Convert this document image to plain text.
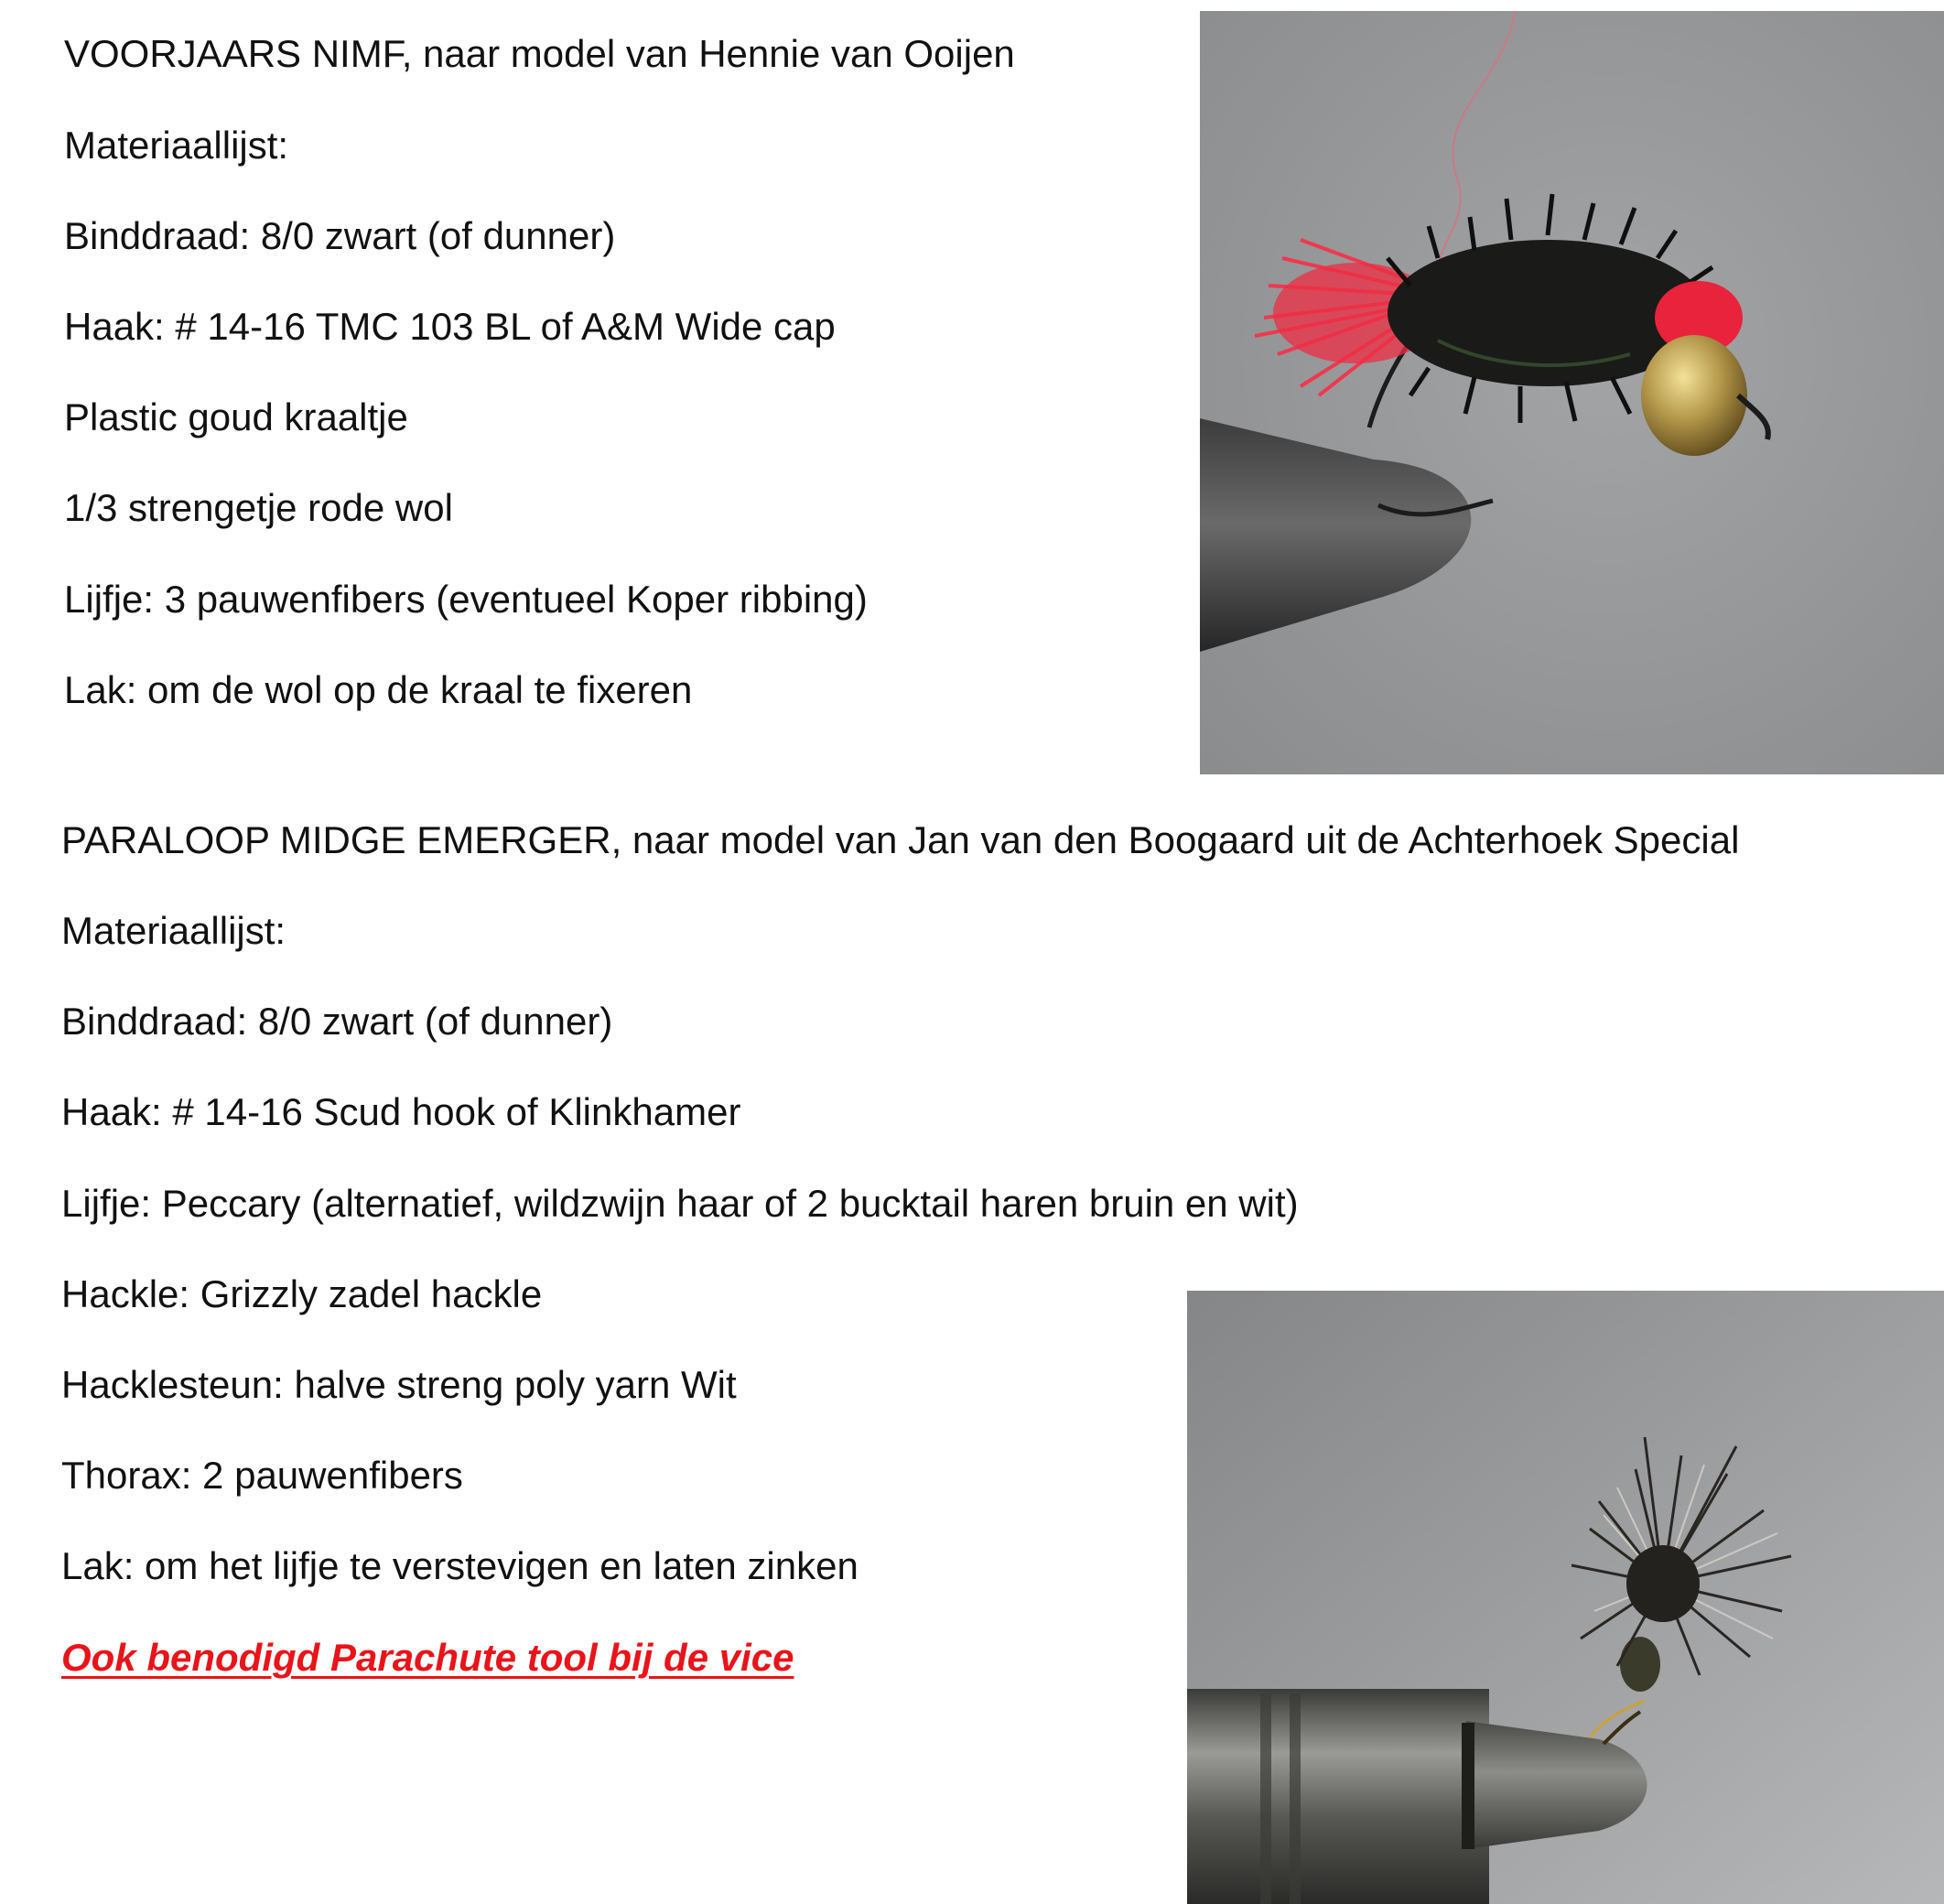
VOORJAARS NIMF, naar model van Hennie van Ooijen

Materiaallijst:

Binddraad: 8/0 zwart (of dunner)

Haak: # 14-16 TMC 103 BL of A&M Wide cap

Plastic goud kraaltje

1/3 strengetje rode wol

Lijfje: 3 pauwenfibers (eventueel Koper ribbing)

Lak: om de wol op de kraal te fixeren

PARALOOP MIDGE EMERGER, naar model van Jan van den Boogaard uit de Achterhoek Special

Materiaallijst:

Binddraad: 8/0 zwart (of dunner)

Haak: # 14-16 Scud hook of Klinkhamer

Lijfje: Peccary (alternatief, wildzwijn haar of 2 bucktail haren bruin en wit)

Hackle: Grizzly zadel hackle

Hacklesteun: halve streng poly yarn Wit

Thorax: 2 pauwenfibers

Lak: om het lijfje te verstevigen en laten zinken

Ook benodigd Parachute tool bij de vice
